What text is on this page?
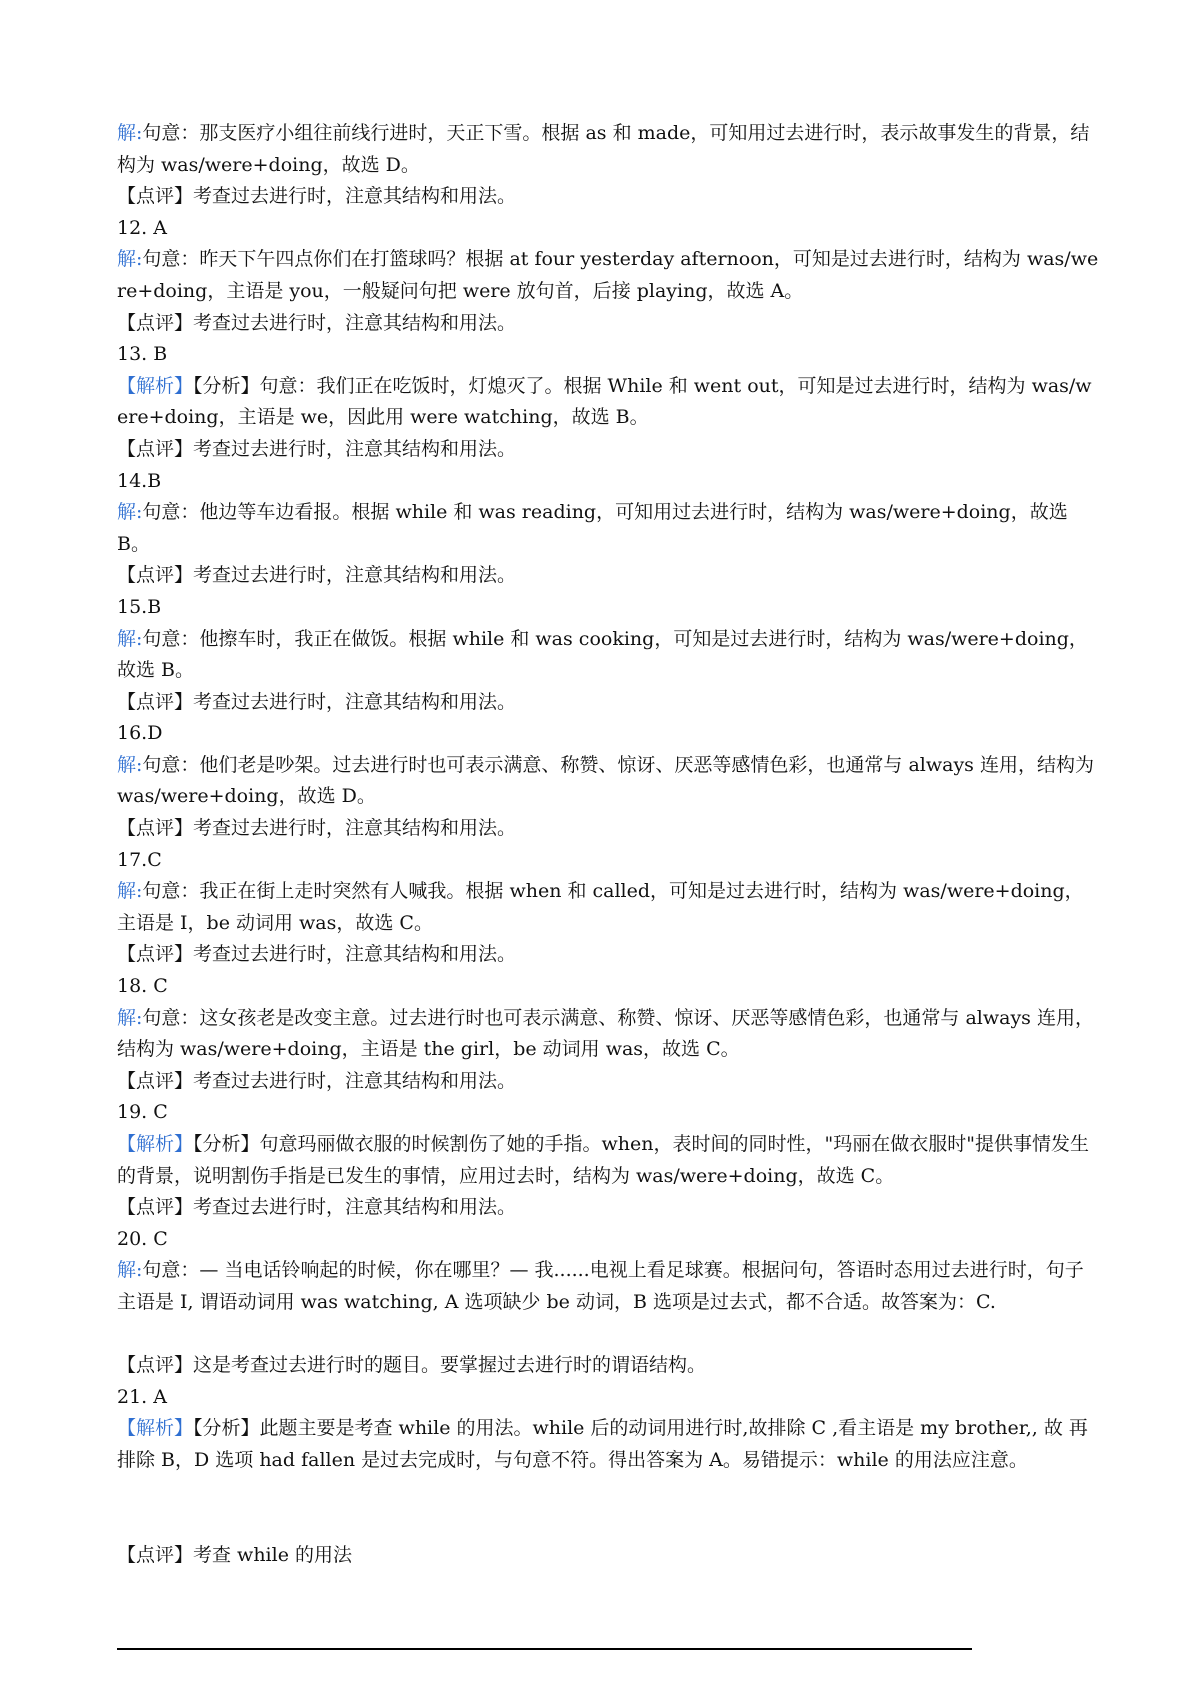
解:句意：那支医疗小组往前线行进时，天正下雪。根据 as 和 made，可知用过去进行时，表示故事发生的背景，结构为 was/were+doing，故选 D。
【点评】考查过去进行时，注意其结构和用法。
12. A
解:句意：昨天下午四点你们在打篮球吗？根据 at four yesterday afternoon，可知是过去进行时，结构为 was/were+doing，主语是 you，一般疑问句把 were 放句首，后接 playing，故选 A。
【点评】考查过去进行时，注意其结构和用法。
13. B
【解析】【分析】句意：我们正在吃饭时，灯熄灭了。根据 While 和 went out，可知是过去进行时，结构为 was/were+doing，主语是 we，因此用 were watching，故选 B。
【点评】考查过去进行时，注意其结构和用法。
14.B
解:句意：他边等车边看报。根据 while 和 was reading，可知用过去进行时，结构为 was/were+doing，故选 B。
【点评】考查过去进行时，注意其结构和用法。
15.B
解:句意：他擦车时，我正在做饭。根据 while 和 was cooking，可知是过去进行时，结构为 was/were+doing，故选 B。
【点评】考查过去进行时，注意其结构和用法。
16.D
解:句意：他们老是吵架。过去进行时也可表示满意、称赞、惊讶、厌恶等感情色彩，也通常与 always 连用，结构为 was/were+doing，故选 D。
【点评】考查过去进行时，注意其结构和用法。
17.C
解:句意：我正在街上走时突然有人喊我。根据 when 和 called，可知是过去进行时，结构为 was/were+doing，主语是 I，be 动词用 was，故选 C。
【点评】考查过去进行时，注意其结构和用法。
18. C
解:句意：这女孩老是改变主意。过去进行时也可表示满意、称赞、惊讶、厌恶等感情色彩，也通常与 always 连用，结构为 was/were+doing，主语是 the girl，be 动词用 was，故选 C。
【点评】考查过去进行时，注意其结构和用法。
19. C
【解析】【分析】句意玛丽做衣服的时候割伤了她的手指。when，表时间的同时性，"玛丽在做衣服时"提供事情发生的背景，说明割伤手指是已发生的事情，应用过去时，结构为 was/were+doing，故选 C。
【点评】考查过去进行时，注意其结构和用法。
20. C
解:句意：— 当电话铃响起的时候，你在哪里？— 我......电视上看足球赛。根据问句，答语时态用过去进行时，句子主语是 I, 谓语动词用 was watching, A 选项缺少 be 动词，B 选项是过去式，都不合适。故答案为：C.
【点评】这是考查过去进行时的题目。要掌握过去进行时的谓语结构。
21. A
【解析】【分析】此题主要是考查 while 的用法。while 后的动词用进行时,故排除 C ,看主语是 my brother,, 故 再排除 B，D 选项 had fallen 是过去完成时，与句意不符。得出答案为 A。易错提示：while 的用法应注意。
【点评】考查 while 的用法
